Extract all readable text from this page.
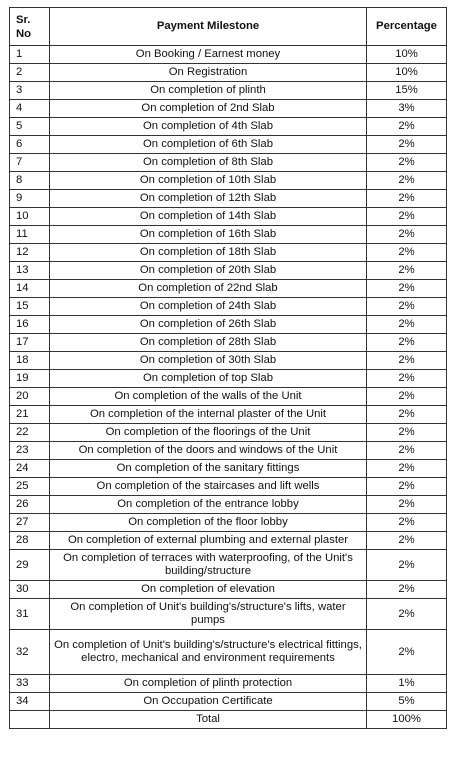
Sr. No	Payment Milestone	Percentage
1	On Booking / Earnest money	10%
2	On Registration	10%
3	On completion of plinth	15%
4	On completion of 2nd Slab	3%
5	On completion of 4th Slab	2%
6	On completion of 6th Slab	2%
7	On completion of 8th Slab	2%
8	On completion of 10th Slab	2%
9	On completion of 12th Slab	2%
10	On completion of 14th Slab	2%
11	On completion of 16th Slab	2%
12	On completion of 18th Slab	2%
13	On completion of 20th Slab	2%
14	On completion of 22nd Slab	2%
15	On completion of 24th Slab	2%
16	On completion of 26th Slab	2%
17	On completion of 28th Slab	2%
18	On completion of 30th Slab	2%
19	On completion of top Slab	2%
20	On completion of the walls of the Unit	2%
21	On completion of the internal plaster of the Unit	2%
22	On completion of the floorings of the Unit	2%
23	On completion of the doors and windows of the Unit	2%
24	On completion of the sanitary fittings	2%
25	On completion of the staircases and lift wells	2%
26	On completion of the entrance lobby	2%
27	On completion of the floor lobby	2%
28	On completion of external plumbing and external plaster	2%
29	On completion of terraces with waterproofing, of the Unit's building/structure	2%
30	On completion of elevation	2%
31	On completion of Unit's building's/structure's lifts, water pumps	2%
32	On completion of Unit's building's/structure's electrical fittings, electro, mechanical and environment requirements	2%
33	On completion of plinth protection	1%
34	On Occupation Certificate	5%
	Total	100%
